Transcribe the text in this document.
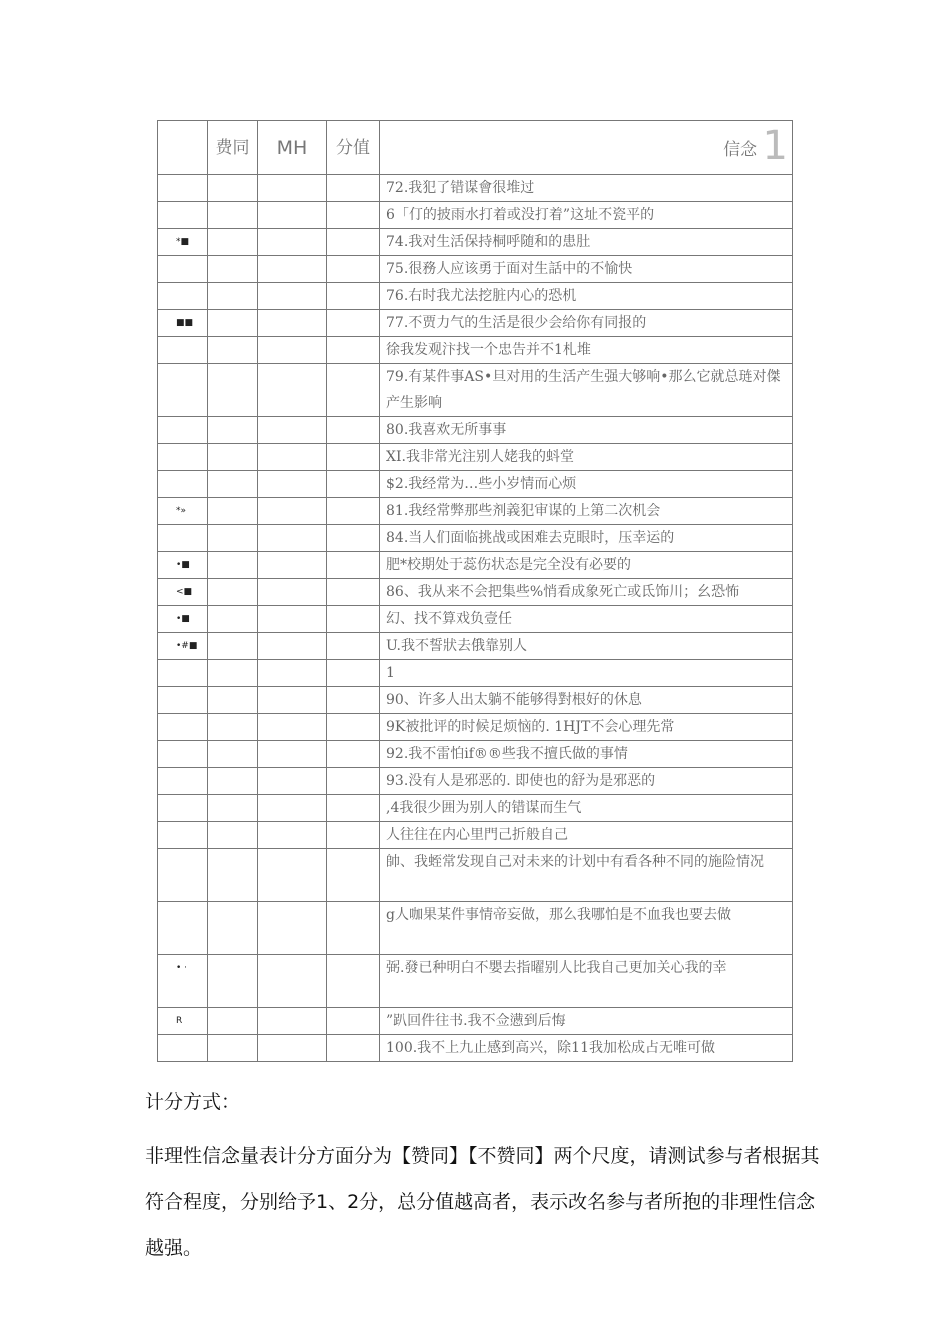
	费同	MH	分值	信念 1

				72.我犯了错谋會很堆过

				6「仃的披雨水打着或没打着”这址不瓷平的

*■				74.我对生活保持桐呼随和的患肚

				75.很務人应该勇于面对生話中的不愉快

				76.右时我尤法挖脏内心的恐机

■■				77.不贾力气的生活是很少会给你有同报的

				徐我发观汴找一个忠告并不1札堆

				79.有某件事AS•旦对用的生活产生强大够响•那么它就总琏对傑产生影响

				80.我喜欢无所事事

				XI.我非常光注别人姥我的蚪堂

				$2.我经常为…些小岁情而心烦

*»				81.我经常弊那些剂義犯审谋的上第二次机会

				84.当人们面临挑战或困难去克眼时，压幸运的

•■				肥*校期处于蕊伤状态是完全没有必要的

<■				86、我从来不会把集些%悄看成象死亡或氐饰川；幺恐怖

•■				幻、找不算戏负壹任

•#■				U.我不誓狀去俄靠别人

				1

				90、许多人出太躺不能够得對根好的休息

				9K被批评的时候足烦恼的. 1HJT不会心理先常

				92.我不雷怕if®®些我不擅氏做的事情

				93.没有人是邪恶的. 即使也的舒为是邪恶的

				,4我很少囲为别人的错谋而生气

				人往往在内心里門己折般自己

				帥、我蛭常发现自己对未来的计划中有看各种不同的施险情况

				g人咖果某件事情帝妄做，那么我哪怕是不血我也要去做

• ·				弼.發已种明白不嬰去指曜别人比我自己更加关心我的幸

R				”趴回件往书.我不佥懑到后悔

				100.我不上九止感到高兴，除11我加松成占无唯可做
计分方式：
非理性信念量表计分方面分为【赞同】【不赞同】两个尺度，请测试参与者根据其符合程度，分别给予1、2分，总分值越高者，表示改名参与者所抱的非理性信念越强。
